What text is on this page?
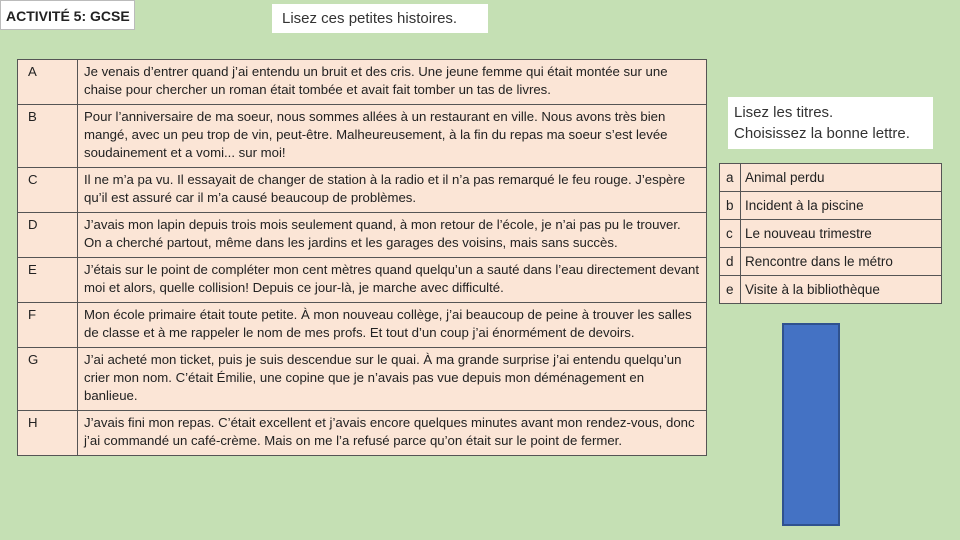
ACTIVITÉ 5: GCSE	Lisez ces petites histoires.
A	Je venais d’entrer quand j’ai entendu un bruit et des cris. Une jeune femme qui était montée sur une chaise pour chercher un roman était tombée et avait fait tomber un tas de livres.
B	Pour l’anniversaire de ma soeur, nous sommes allées à un restaurant en ville. Nous avons très bien mangé, avec un peu trop de vin, peut-être. Malheureusement, à la fin du repas ma soeur s’est levée soudainement et a vomi... sur moi!
C	Il ne m’a pa vu. Il essayait de changer de station à la radio et il n’a pas remarqué le feu rouge. J’espère qu’il est assuré car il m’a causé beaucoup de problèmes.
D	J’avais mon lapin depuis trois mois seulement quand, à mon retour de l’école, je n’ai pas pu le trouver. On a cherché partout, même dans les jardins et les garages des voisins, mais sans succès.
E	J’étais sur le point de compléter mon cent mètres quand quelqu’un a sauté dans l’eau directement devant moi et alors, quelle collision! Depuis ce jour-là, je marche avec difficulté.
F	Mon école primaire était toute petite. À mon nouveau collège, j’ai beaucoup de peine à trouver les salles de classe et à me rappeler le nom de mes profs. Et tout d’un coup j’ai énormément de devoirs.
G	J’ai acheté mon ticket, puis je suis descendue sur le quai. À ma grande surprise j’ai entendu quelqu’un crier mon nom. C’était Émilie, une copine que je n’avais pas vue depuis mon déménagement en banlieue.
H	J’avais fini mon repas. C’était excellent et j’avais encore quelques minutes avant mon rendez-vous, donc j’ai commandé un café-crème. Mais on me l’a refusé parce qu’on était sur le point de fermer.
Lisez les titres.
Choisissez la bonne lettre.
a	Animal perdu
b	Incident à la piscine
c	Le nouveau trimestre
d	Rencontre dans le métro
e	Visite à la bibliothèque
